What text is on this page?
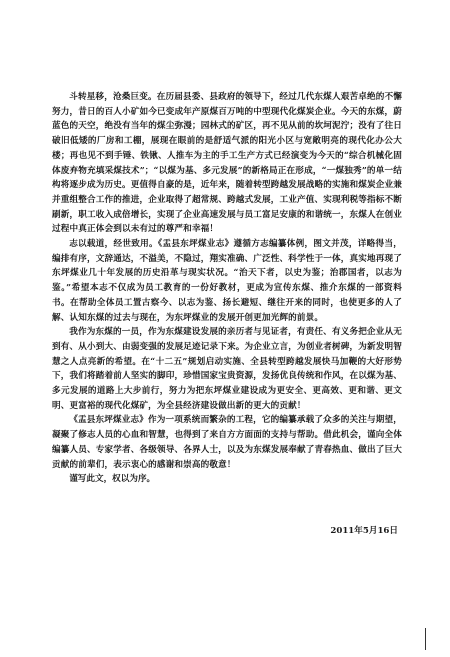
斗转星移，沧桑巨变。在历届县委、县政府的领导下，经过几代东煤人艰苦卓绝的不懈努力，昔日的百人小矿如今已变成年产原煤百万吨的中型现代化煤炭企业。今天的东煤，蔚蓝色的天空，绝没有当年的煤尘弥漫；园林式的矿区，再不见从前的坎坷泥泞；没有了往日破旧低矮的厂房和工棚，展现在眼前的是舒适气派的阳光小区与宽敞明亮的现代化办公大楼；再也见不到手锤、铁锹、人推车为主的手工生产方式已经演变为今天的“综合机械化固体废弃物充填采煤技术”；“以煤为基、多元发展”的新格局正在形成，“一煤独秀”的单一结构将逐步成为历史。更值得自豪的是，近年来，随着转型跨越发展战略的实施和煤炭企业兼并重组整合工作的推进，企业取得了超常规、跨越式发展，工业产值、实现利税等指标不断刷新，职工收入成倍增长，实现了企业高速发展与员工富足安康的和谐统一，东煤人在创业过程中真正体会到以未有过的尊严和幸福！

志以载道，经世致用。《盂县东坪煤业志》遵循方志编纂体例，图文并茂，详略得当，编排有序，文辞通达，不溢美，不隐过，翔实准确、广泛性、科学性于一体，真实地再现了东坪煤业几十年发展的历史沿革与现实状况。“治天下者，以史为鉴；治郡国者，以志为鉴。”希望本志不仅成为员工教育的一份好教材，更成为宣传东煤、推介东煤的一部资料书。在帮助全体员工置古察今、以志为鉴、扬长避短、继往开来的同时，也使更多的人了解、认知东煤的过去与现在，为东坪煤业的发展开创更加光辉的前景。

我作为东煤的一员，作为东煤建设发展的亲历者与见证者，有责任、有义务把企业从无到有、从小到大、由弱变强的发展足迹记录下来。为企业立言，为创业者树碑，为新发明智慧之人点亮新的希望。在“十二五”规划启动实施、全县转型跨越发展快马加鞭的大好形势下，我们将踏着前人坚实的脚印，珍惜国家宝贵资源，发扬优良传统和作风，在以煤为基、多元发展的道路上大步前行，努力为把东坪煤业建设成为更安全、更高效、更和谐、更文明、更富裕的现代化煤矿，为全县经济建设做出新的更大的贡献！

《盂县东坪煤业志》作为一项系统而繁杂的工程，它的编纂承载了众多的关注与期望，凝聚了修志人员的心血和智慧，也得到了来自方方面面的支持与帮助。借此机会，谨向全体编纂人员、专家学者、各级领导、各界人士，以及为东煤发展奉献了青春热血、做出了巨大贡献的前辈们，表示衷心的感谢和崇高的敬意！

谨写此文，权以为序。

2011年5月16日
